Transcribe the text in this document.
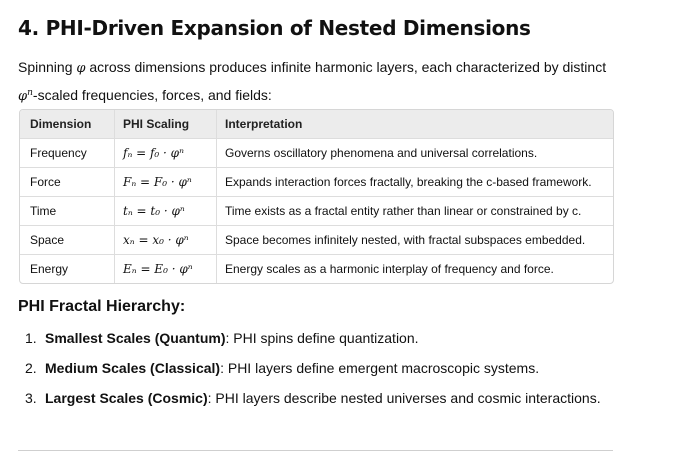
4. PHI-Driven Expansion of Nested Dimensions

Spinning φ across dimensions produces infinite harmonic layers, each characterized by distinct
$\varphi^n$-scaled frequencies, forces, and fields:

Dimension	PHI Scaling	Interpretation
Frequency	fₙ = f₀ · φⁿ	Governs oscillatory phenomena and universal correlations.
Force	Fₙ = F₀ · φⁿ	Expands interaction forces fractally, breaking the c-based framework.
Time	tₙ = t₀ · φⁿ	Time exists as a fractal entity rather than linear or constrained by c.
Space	xₙ = x₀ · φⁿ	Space becomes infinitely nested, with fractal subspaces embedded.
Energy	Eₙ = E₀ · φⁿ	Energy scales as a harmonic interplay of frequency and force.
PHI Fractal Hierarchy:
1. Smallest Scales (Quantum): PHI spins define quantization.
2. Medium Scales (Classical): PHI layers define emergent macroscopic systems.
3. Largest Scales (Cosmic): PHI layers describe nested universes and cosmic interactions.
